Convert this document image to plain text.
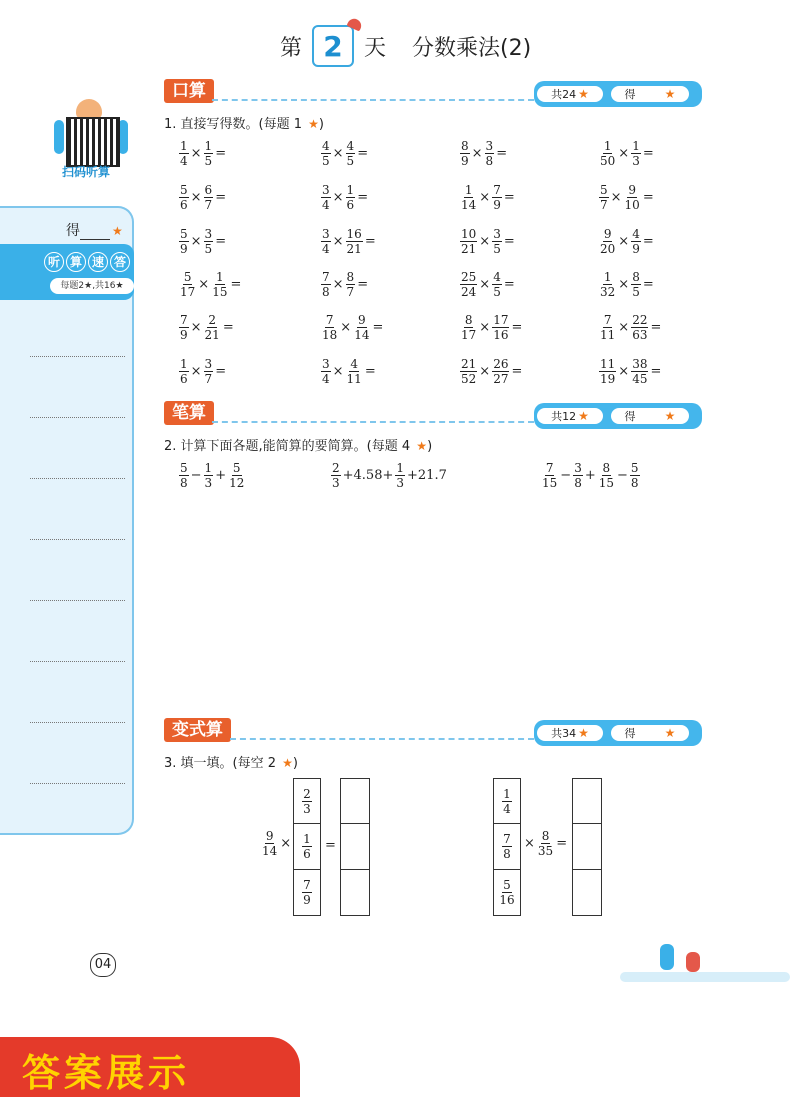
第 2 天 分数乘法(2)
扫码听算
得	★
听 算 速 答
每题2★,共16★
口算	共24 ★	得 ★
1. 直接写得数。(每题 1 ★)
$\frac{1}{4} \times \frac{1}{5}$ =	$\frac{4}{5} \times \frac{4}{5}$ =	$\frac{8}{9} \times \frac{3}{8}$ =	$\frac{1}{50} \times \frac{1}{3}$ =
$\frac{5}{6} \times \frac{6}{7}$ =	$\frac{3}{4} \times \frac{1}{6}$ =	$\frac{1}{14} \times \frac{7}{9}$ =	$\frac{5}{7} \times \frac{9}{10}$ =
$\frac{5}{9} \times \frac{3}{5}$ =	$\frac{3}{4} \times \frac{16}{21}$ =	$\frac{10}{21} \times \frac{3}{5}$ =	$\frac{9}{20} \times \frac{4}{9}$ =
$\frac{5}{17} \times \frac{1}{15}$ =	$\frac{7}{8} \times \frac{8}{7}$ =	$\frac{25}{24} \times \frac{4}{5}$ =	$\frac{1}{32} \times \frac{8}{5}$ =
$\frac{7}{9} \times \frac{2}{21}$ =	$\frac{7}{18} \times \frac{9}{14}$ =	$\frac{8}{17} \times \frac{17}{16}$ =	$\frac{7}{11} \times \frac{22}{63}$ =
$\frac{1}{6} \times \frac{3}{7}$ =	$\frac{3}{4} \times \frac{4}{11}$ =	$\frac{21}{52} \times \frac{26}{27}$ =	$\frac{11}{19} \times \frac{38}{45}$ =
笔算	共12 ★	得 ★
2. 计算下面各题,能简算的要简算。(每题 4 ★)
$\frac{5}{8} - \frac{1}{3} + \frac{5}{12}$	$\frac{2}{3} +4.58+ \frac{1}{3} +21.7$	$\frac{7}{15} - \frac{3}{8} + \frac{8}{15} - \frac{5}{8}$
变式算	共34 ★	得 ★
3. 填一填。(每空 2 ★)
$\frac{9}{14}$ ×
$\frac{2}{3}$
$\frac{1}{6}$
$\frac{7}{9}$
=
$\frac{1}{4}$
$\frac{7}{8}$
$\frac{5}{16}$
× $\frac{8}{35}$ =
04
答案展示
